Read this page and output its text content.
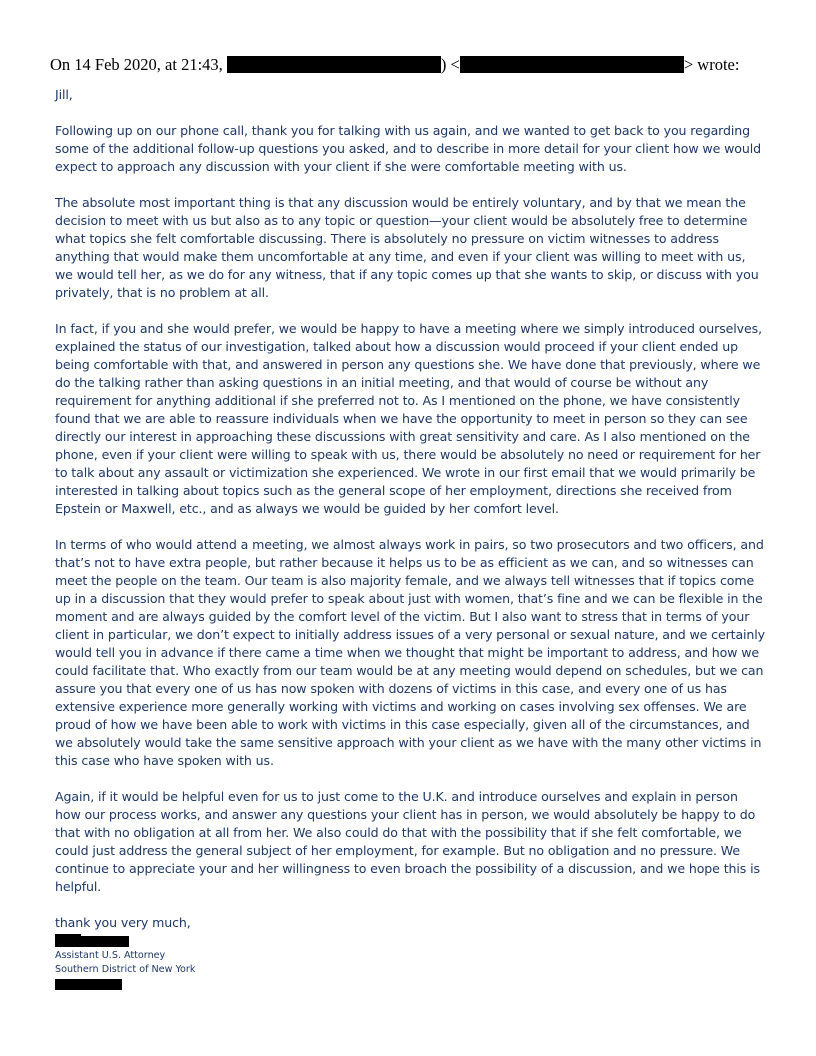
On 14 Feb 2020, at 21:43,	) <	> wrote:

Jill,

Following up on our phone call, thank you for talking with us again, and we wanted to get back to you regarding some of the additional follow-up questions you asked, and to describe in more detail for your client how we would expect to approach any discussion with your client if she were comfortable meeting with us.

The absolute most important thing is that any discussion would be entirely voluntary, and by that we mean the decision to meet with us but also as to any topic or question—your client would be absolutely free to determine what topics she felt comfortable discussing. There is absolutely no pressure on victim witnesses to address anything that would make them uncomfortable at any time, and even if your client was willing to meet with us, we would tell her, as we do for any witness, that if any topic comes up that she wants to skip, or discuss with you privately, that is no problem at all.

In fact, if you and she would prefer, we would be happy to have a meeting where we simply introduced ourselves, explained the status of our investigation, talked about how a discussion would proceed if your client ended up being comfortable with that, and answered in person any questions she. We have done that previously, where we do the talking rather than asking questions in an initial meeting, and that would of course be without any requirement for anything additional if she preferred not to. As I mentioned on the phone, we have consistently found that we are able to reassure individuals when we have the opportunity to meet in person so they can see directly our interest in approaching these discussions with great sensitivity and care. As I also mentioned on the phone, even if your client were willing to speak with us, there would be absolutely no need or requirement for her to talk about any assault or victimization she experienced. We wrote in our first email that we would primarily be interested in talking about topics such as the general scope of her employment, directions she received from Epstein or Maxwell, etc., and as always we would be guided by her comfort level.

In terms of who would attend a meeting, we almost always work in pairs, so two prosecutors and two officers, and that’s not to have extra people, but rather because it helps us to be as efficient as we can, and so witnesses can meet the people on the team. Our team is also majority female, and we always tell witnesses that if topics come up in a discussion that they would prefer to speak about just with women, that’s fine and we can be flexible in the moment and are always guided by the comfort level of the victim. But I also want to stress that in terms of your client in particular, we don’t expect to initially address issues of a very personal or sexual nature, and we certainly would tell you in advance if there came a time when we thought that might be important to address, and how we could facilitate that. Who exactly from our team would be at any meeting would depend on schedules, but we can assure you that every one of us has now spoken with dozens of victims in this case, and every one of us has extensive experience more generally working with victims and working on cases involving sex offenses. We are proud of how we have been able to work with victims in this case especially, given all of the circumstances, and we absolutely would take the same sensitive approach with your client as we have with the many other victims in this case who have spoken with us.

Again, if it would be helpful even for us to just come to the U.K. and introduce ourselves and explain in person how our process works, and answer any questions your client has in person, we would absolutely be happy to do that with no obligation at all from her. We also could do that with the possibility that if she felt comfortable, we could just address the general subject of her employment, for example. But no obligation and no pressure. We continue to appreciate your and her willingness to even broach the possibility of a discussion, and we hope this is helpful.

thank you very much,
Assistant U.S. Attorney
Southern District of New York
